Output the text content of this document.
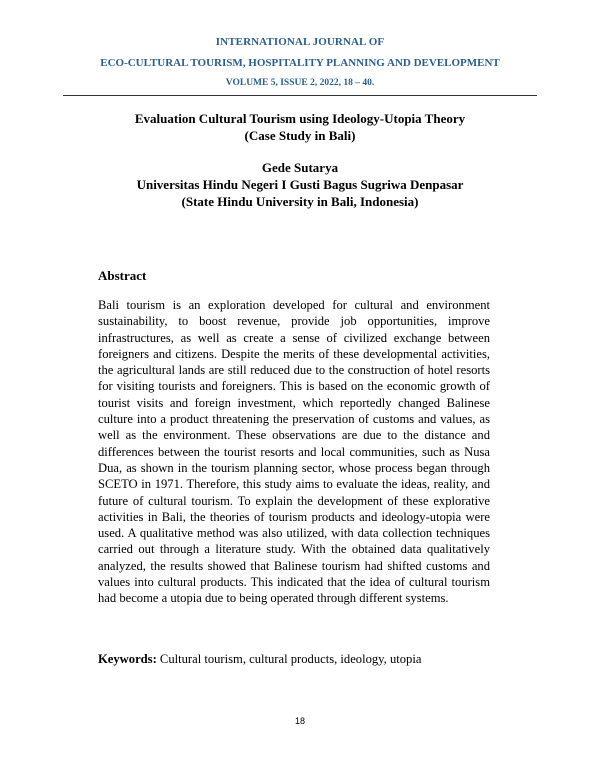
INTERNATIONAL JOURNAL OF
ECO-CULTURAL TOURISM, HOSPITALITY PLANNING AND DEVELOPMENT
VOLUME 5, ISSUE 2, 2022, 18 – 40.
Evaluation Cultural Tourism using Ideology-Utopia Theory
(Case Study in Bali)
Gede Sutarya
Universitas Hindu Negeri I Gusti Bagus Sugriwa Denpasar
(State Hindu University in Bali, Indonesia)
Abstract
Bali tourism is an exploration developed for cultural and environment sustainability, to boost revenue, provide job opportunities, improve infrastructures, as well as create a sense of civilized exchange between foreigners and citizens. Despite the merits of these developmental activities, the agricultural lands are still reduced due to the construction of hotel resorts for visiting tourists and foreigners. This is based on the economic growth of tourist visits and foreign investment, which reportedly changed Balinese culture into a product threatening the preservation of customs and values, as well as the environment. These observations are due to the distance and differences between the tourist resorts and local communities, such as Nusa Dua, as shown in the tourism planning sector, whose process began through SCETO in 1971. Therefore, this study aims to evaluate the ideas, reality, and future of cultural tourism. To explain the development of these explorative activities in Bali, the theories of tourism products and ideology-utopia were used. A qualitative method was also utilized, with data collection techniques carried out through a literature study. With the obtained data qualitatively analyzed, the results showed that Balinese tourism had shifted customs and values into cultural products. This indicated that the idea of cultural tourism had become a utopia due to being operated through different systems.
Keywords: Cultural tourism, cultural products, ideology, utopia
18
